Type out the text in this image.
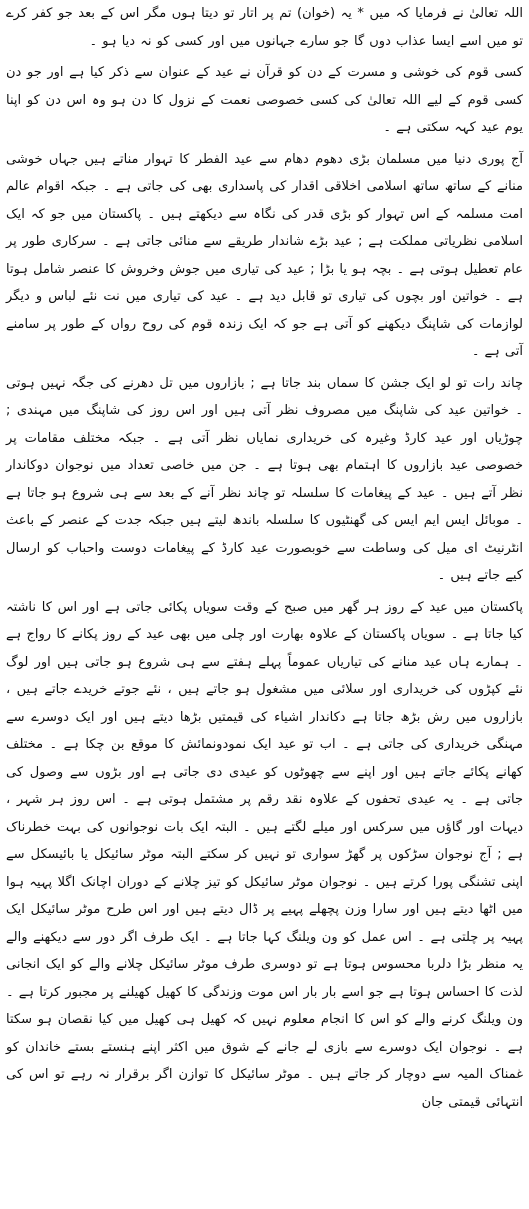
اللہ تعالیٰ نے فرمایا کہ میں * یہ (خوان) تم پر اتار تو دیتا ہوں مگر اس کے بعد جو کفر کرے تو میں اسے ایسا عذاب دوں گا جو سارے جہانوں میں اور کسی کو نہ دیا ہو ۔

کسی قوم کی خوشی و مسرت کے دن کو قرآن نے عید کے عنوان سے ذکر کیا ہے اور جو دن کسی قوم کے لیے اللہ تعالیٰ کی کسی خصوصی نعمت کے نزول کا دن ہو وہ اس دن کو اپنا یوم عید کہہ سکتی ہے ۔

آج پوری دنیا میں مسلمان بڑی دھوم دھام سے عید الفطر کا تہوار مناتے ہیں جہاں خوشی منانے کے ساتھ ساتھ اسلامی اخلاقی اقدار کی پاسداری بھی کی جاتی ہے ۔ جبکہ اقوام عالم امت مسلمہ کے اس تہوار کو بڑی قدر کی نگاہ سے دیکھتے ہیں ۔ پاکستان میں جو کہ ایک اسلامی نظریاتی مملکت ہے ; عید بڑے شاندار طریقے سے منائی جاتی ہے ۔ سرکاری طور پر عام تعطیل ہوتی ہے ۔ بچہ ہو یا بڑا ; عید کی تیاری میں جوش وخروش کا عنصر شامل ہوتا ہے ۔ خواتین اور بچوں کی تیاری تو قابل دید ہے ۔ عید کی تیاری میں نت نئے لباس و دیگر لوازمات کی شاپنگ دیکھنے کو آتی ہے جو کہ ایک زندہ قوم کی روح رواں کے طور پر سامنے آتی ہے ۔

چاند رات تو لو ایک جشن کا سماں بند جاتا ہے ; بازاروں میں تل دھرنے کی جگہ نہیں ہوتی ۔ خواتین عید کی شاپنگ میں مصروف نظر آتی ہیں اور اس روز کی شاپنگ میں مہندی ; چوڑیاں اور عید کارڈ وغیرہ کی خریداری نمایاں نظر آتی ہے ۔ جبکہ مختلف مقامات پر خصوصی عید بازاروں کا اہتمام بھی ہوتا ہے ۔ جن میں خاصی تعداد میں نوجوان دوکاندار نظر آتے ہیں ۔ عید کے پیغامات کا سلسلہ تو چاند نظر آنے کے بعد سے ہی شروع ہو جاتا ہے ۔ موبائل ایس ایم ایس کی گھنٹیوں کا سلسلہ باندھ لیتے ہیں جبکہ جدت کے عنصر کے باعث انٹرنیٹ ای میل کی وساطت سے خوبصورت عید کارڈ کے پیغامات دوست واحباب کو ارسال کیے جاتے ہیں ۔

پاکستان میں عید کے روز ہر گھر میں صبح کے وقت سویاں پکائی جاتی ہے اور اس کا ناشتہ کیا جاتا ہے ۔ سویاں پاکستان کے علاوہ بھارت اور چلی میں بھی عید کے روز پکانے کا رواج ہے ۔ ہمارے ہاں عید منانے کی تیاریاں عموماً پہلے ہفتے سے ہی شروع ہو جاتی ہیں اور لوگ نئے کپڑوں کی خریداری اور سلائی میں مشغول ہو جاتے ہیں ، نئے جوتے خریدے جاتے ہیں ، بازاروں میں رش بڑھ جاتا ہے دکاندار اشیاء کی قیمتیں بڑھا دیتے ہیں اور ایک دوسرے سے مہنگی خریداری کی جاتی ہے ۔ اب تو عید ایک نمودونمائش کا موقع بن چکا ہے ۔ مختلف کھانے پکائے جاتے ہیں اور اپنے سے چھوٹوں کو عیدی دی جاتی ہے اور بڑوں سے وصول کی جاتی ہے ۔ یہ عیدی تحفوں کے علاوہ نقد رقم پر مشتمل ہوتی ہے ۔ اس روز ہر شہر ، دیہات اور گاؤں میں سرکس اور میلے لگتے ہیں ۔ البتہ ایک بات نوجوانوں کی بہت خطرناک ہے ; آج نوجوان سڑکوں پر گھڑ سواری تو نہیں کر سکتے البتہ موٹر سائیکل یا بائیسکل سے اپنی تشنگی پورا کرتے ہیں ۔ نوجوان موٹر سائیکل کو تیز چلانے کے دوران اچانک اگلا پہیہ ہوا میں اٹھا دیتے ہیں اور سارا وزن پچھلے پہیے پر ڈال دیتے ہیں اور اس طرح موٹر سائیکل ایک پہیہ پر چلتی ہے ۔ اس عمل کو ون ویلنگ کہا جاتا ہے ۔ ایک طرف اگر دور سے دیکھنے والے یہ منظر بڑا دلربا محسوس ہوتا ہے تو دوسری طرف موٹر سائیکل چلانے والے کو ایک انجانی لذت کا احساس ہوتا ہے جو اسے بار بار اس موت وزندگی کا کھیل کھیلنے پر مجبور کرتا ہے ۔ ون ویلنگ کرنے والے کو اس کا انجام معلوم نہیں کہ کھیل ہی کھیل میں کیا نقصان ہو سکتا ہے ۔ نوجوان ایک دوسرے سے بازی لے جانے کے شوق میں اکثر اپنے ہنستے بستے خاندان کو غمناک المیہ سے دوچار کر جاتے ہیں ۔ موٹر سائیکل کا توازن اگر برقرار نہ رہے تو اس کی انتہائی قیمتی جان
